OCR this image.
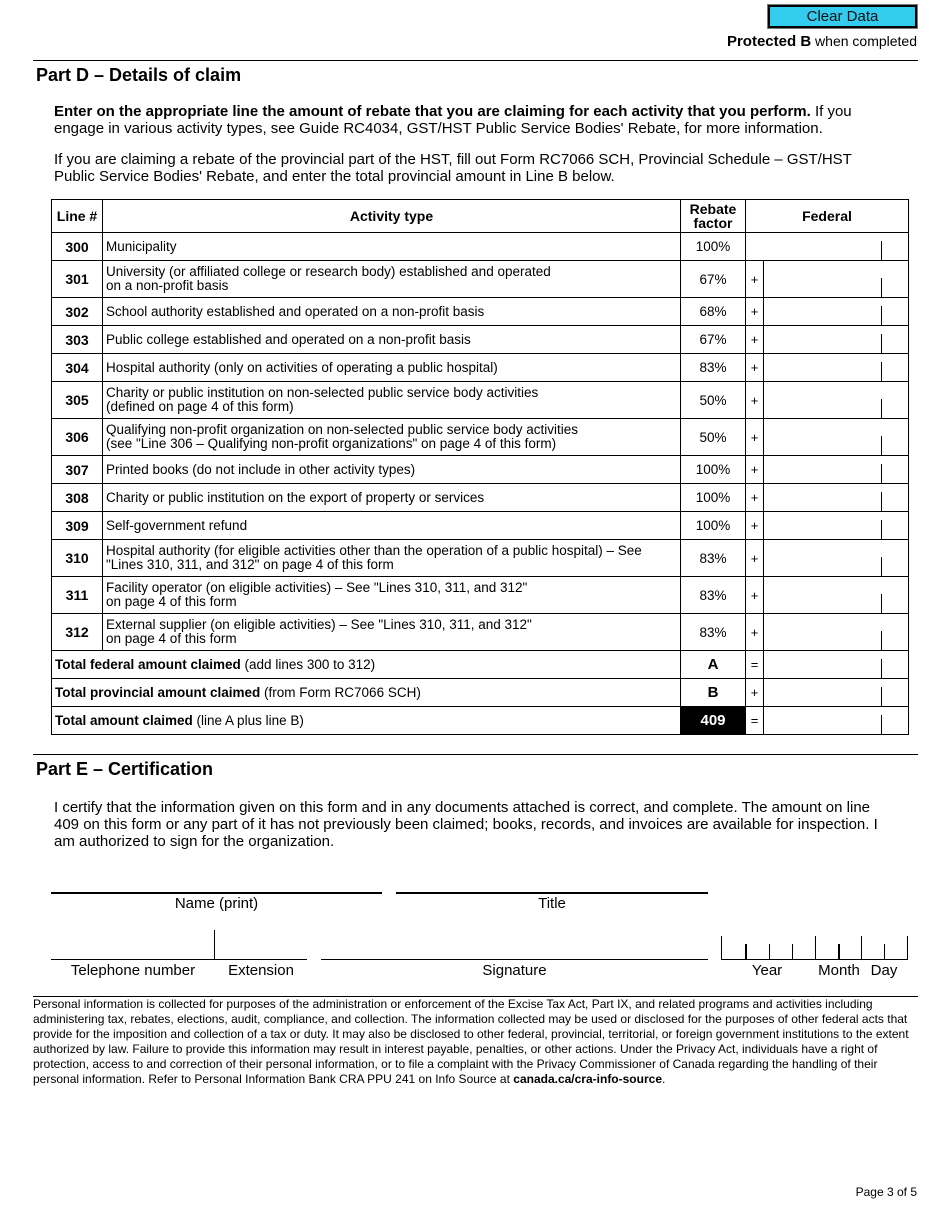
Clear Data
Protected B when completed
Part D – Details of claim
Enter on the appropriate line the amount of rebate that you are claiming for each activity that you perform. If you engage in various activity types, see Guide RC4034, GST/HST Public Service Bodies' Rebate, for more information.
If you are claiming a rebate of the provincial part of the HST, fill out Form RC7066 SCH, Provincial Schedule – GST/HST Public Service Bodies' Rebate, and enter the total provincial amount in Line B below.
Line #	Activity type	Rebate
factor	Federal	
300	Municipality	100%		

301	University (or affiliated college or research body) established and operated
on a non-profit basis	67%	+	

302	School authority established and operated on a non-profit basis	68%	+	

303	Public college established and operated on a non-profit basis	67%	+	

304	Hospital authority (only on activities of operating a public hospital)	83%	+	

305	Charity or public institution on non-selected public service body activities
(defined on page 4 of this form)	50%	+	

306	Qualifying non-profit organization on non-selected public service body activities
(see "Line 306 – Qualifying non-profit organizations" on page 4 of this form)	50%	+	

307	Printed books (do not include in other activity types)	100%	+	

308	Charity or public institution on the export of property or services	100%	+	

309	Self-government refund	100%	+	

310	Hospital authority (for eligible activities other than the operation of a public hospital) – See
"Lines 310, 311, and 312" on page 4 of this form	83%	+	

311	Facility operator (on eligible activities) – See "Lines 310, 311, and 312"
on page 4 of this form	83%	+	

312	External supplier (on eligible activities) – See "Lines 310, 311, and 312"
on page 4 of this form	83%	+	

Total federal amount claimed (add lines 300 to 312)		A	=	

Total provincial amount claimed (from Form RC7066 SCH)		B	+	

Total amount claimed (line A plus line B)		409	=	
Part E – Certification
I certify that the information given on this form and in any documents attached is correct, and complete. The amount on line 409 on this form or any part of it has not previously been claimed; books, records, and invoices are available for inspection. I am authorized to sign for the organization.
Name (print)	Title
Telephone number	Extension	Signature	Year	Month Day
Personal information is collected for purposes of the administration or enforcement of the Excise Tax Act, Part IX, and related programs and activities including administering tax, rebates, elections, audit, compliance, and collection. The information collected may be used or disclosed for the purposes of other federal acts that provide for the imposition and collection of a tax or duty. It may also be disclosed to other federal, provincial, territorial, or foreign government institutions to the extent authorized by law. Failure to provide this information may result in interest payable, penalties, or other actions. Under the Privacy Act, individuals have a right of protection, access to and correction of their personal information, or to file a complaint with the Privacy Commissioner of Canada regarding the handling of their personal information. Refer to Personal Information Bank CRA PPU 241 on Info Source at canada.ca/cra-info-source.
Page 3 of 5
